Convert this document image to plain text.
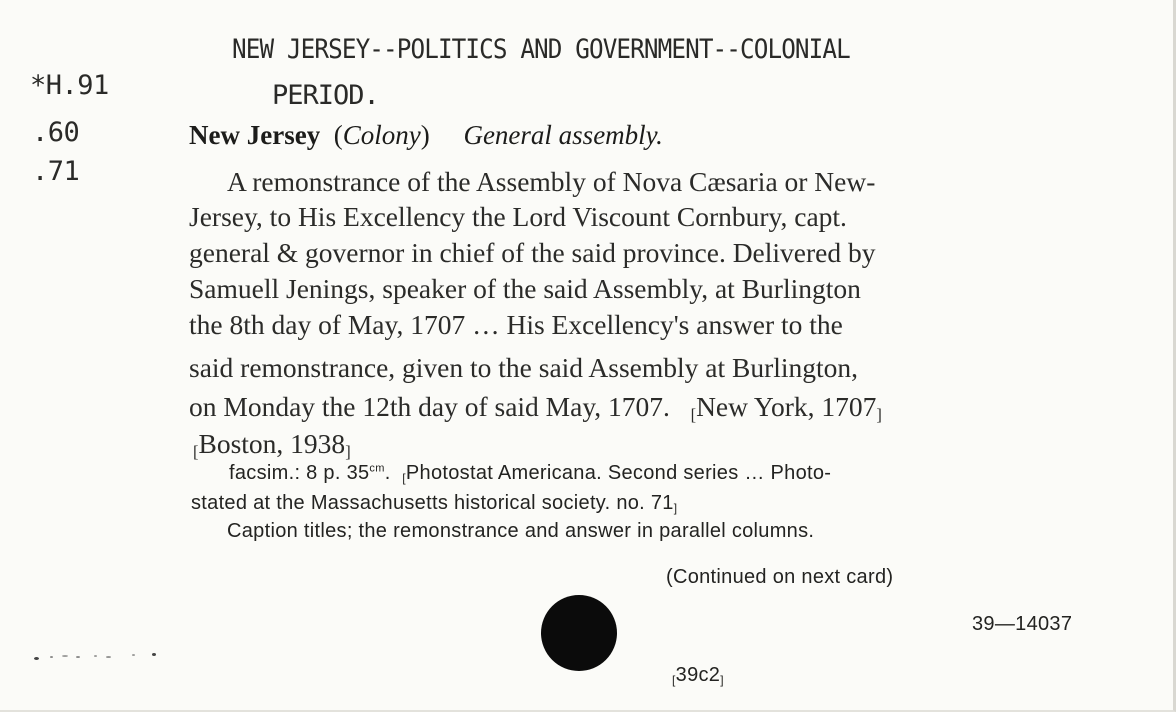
*H.91
.60
.71
NEW JERSEY--POLITICS AND GOVERNMENT--COLONIAL
PERIOD.
New Jersey  (Colony) General assembly.
A remonstrance of the Assembly of Nova Cæsaria or New-
Jersey, to His Excellency the Lord Viscount Cornbury, capt.
general & governor in chief of the said province. Delivered by
Samuell Jenings, speaker of the said Assembly, at Burlington
the 8th day of May, 1707 … His Excellency's answer to the
said remonstrance, given to the said Assembly at Burlington,
on Monday the 12th day of said May, 1707. [New York, 1707]
[Boston, 1938]
facsim.: 8 p. $35^{cm}$.  [Photostat Americana. Second series … Photo-
stated at the Massachusetts historical society. no. 71]
Caption titles; the remonstrance and answer in parallel columns.
(Continued on next card)
39—14037
[39c2]
